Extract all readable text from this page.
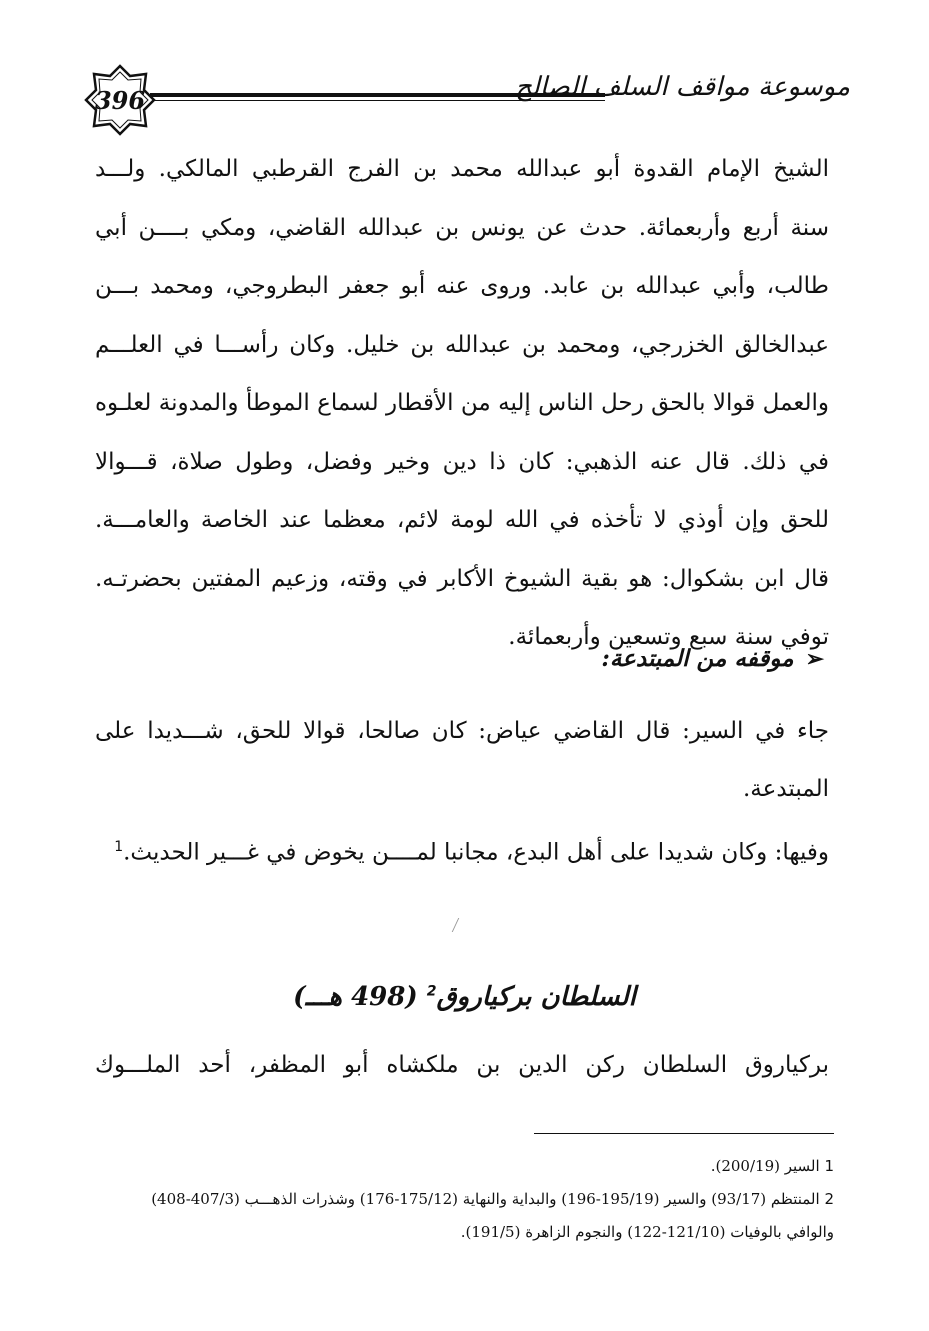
موسوعة مواقف السلف الصالح
396
الشيخ الإمام القدوة أبو عبدالله محمد بن الفرج القرطبي المالكي. ولـــد
سنة أربع وأربعمائة. حدث عن يونس بن عبدالله القاضي، ومكي بــــن أبي
طالب، وأبي عبدالله بن عابد. وروى عنه أبو جعفر البطروجي، ومحمد بـــن
عبدالخالق الخزرجي، ومحمد بن عبدالله بن خليل. وكان رأســـا في العلـــم
والعمل قوالا بالحق رحل الناس إليه من الأقطار لسماع الموطأ والمدونة لعلـوه
في ذلك. قال عنه الذهبي: كان ذا دين وخير وفضل، وطول صلاة، قـــوالا
للحق وإن أوذي لا تأخذه في الله لومة لائم، معظما عند الخاصة والعامـــة.
قال ابن بشكوال: هو بقية الشيوخ الأكابر في وقته، وزعيم المفتين بحضرتـه.
توفي سنة سبع وتسعين وأربعمائة.
➢
موقفه من المبتدعة:
جاء في السير: قال القاضي عياض: كان صالحا، قوالا للحق، شـــديدا على المبتدعة.
وفيها: وكان شديدا على أهل البدع، مجانبا لمــــن يخوض في غـــير الحديث.$^1$
السلطان بركياروق$^2$ (498 هـــ)
بركياروق السلطان ركن الدين بن ملكشاه أبو المظفر، أحد الملـــوك
1 السير (200/19).
2 المنتظم (93/17) والسير (195/19-196) والبداية والنهاية (175/12-176) وشذرات الذهـــب (407/3-408)
والوافي بالوفيات (121/10-122) والنجوم الزاهرة (191/5).
